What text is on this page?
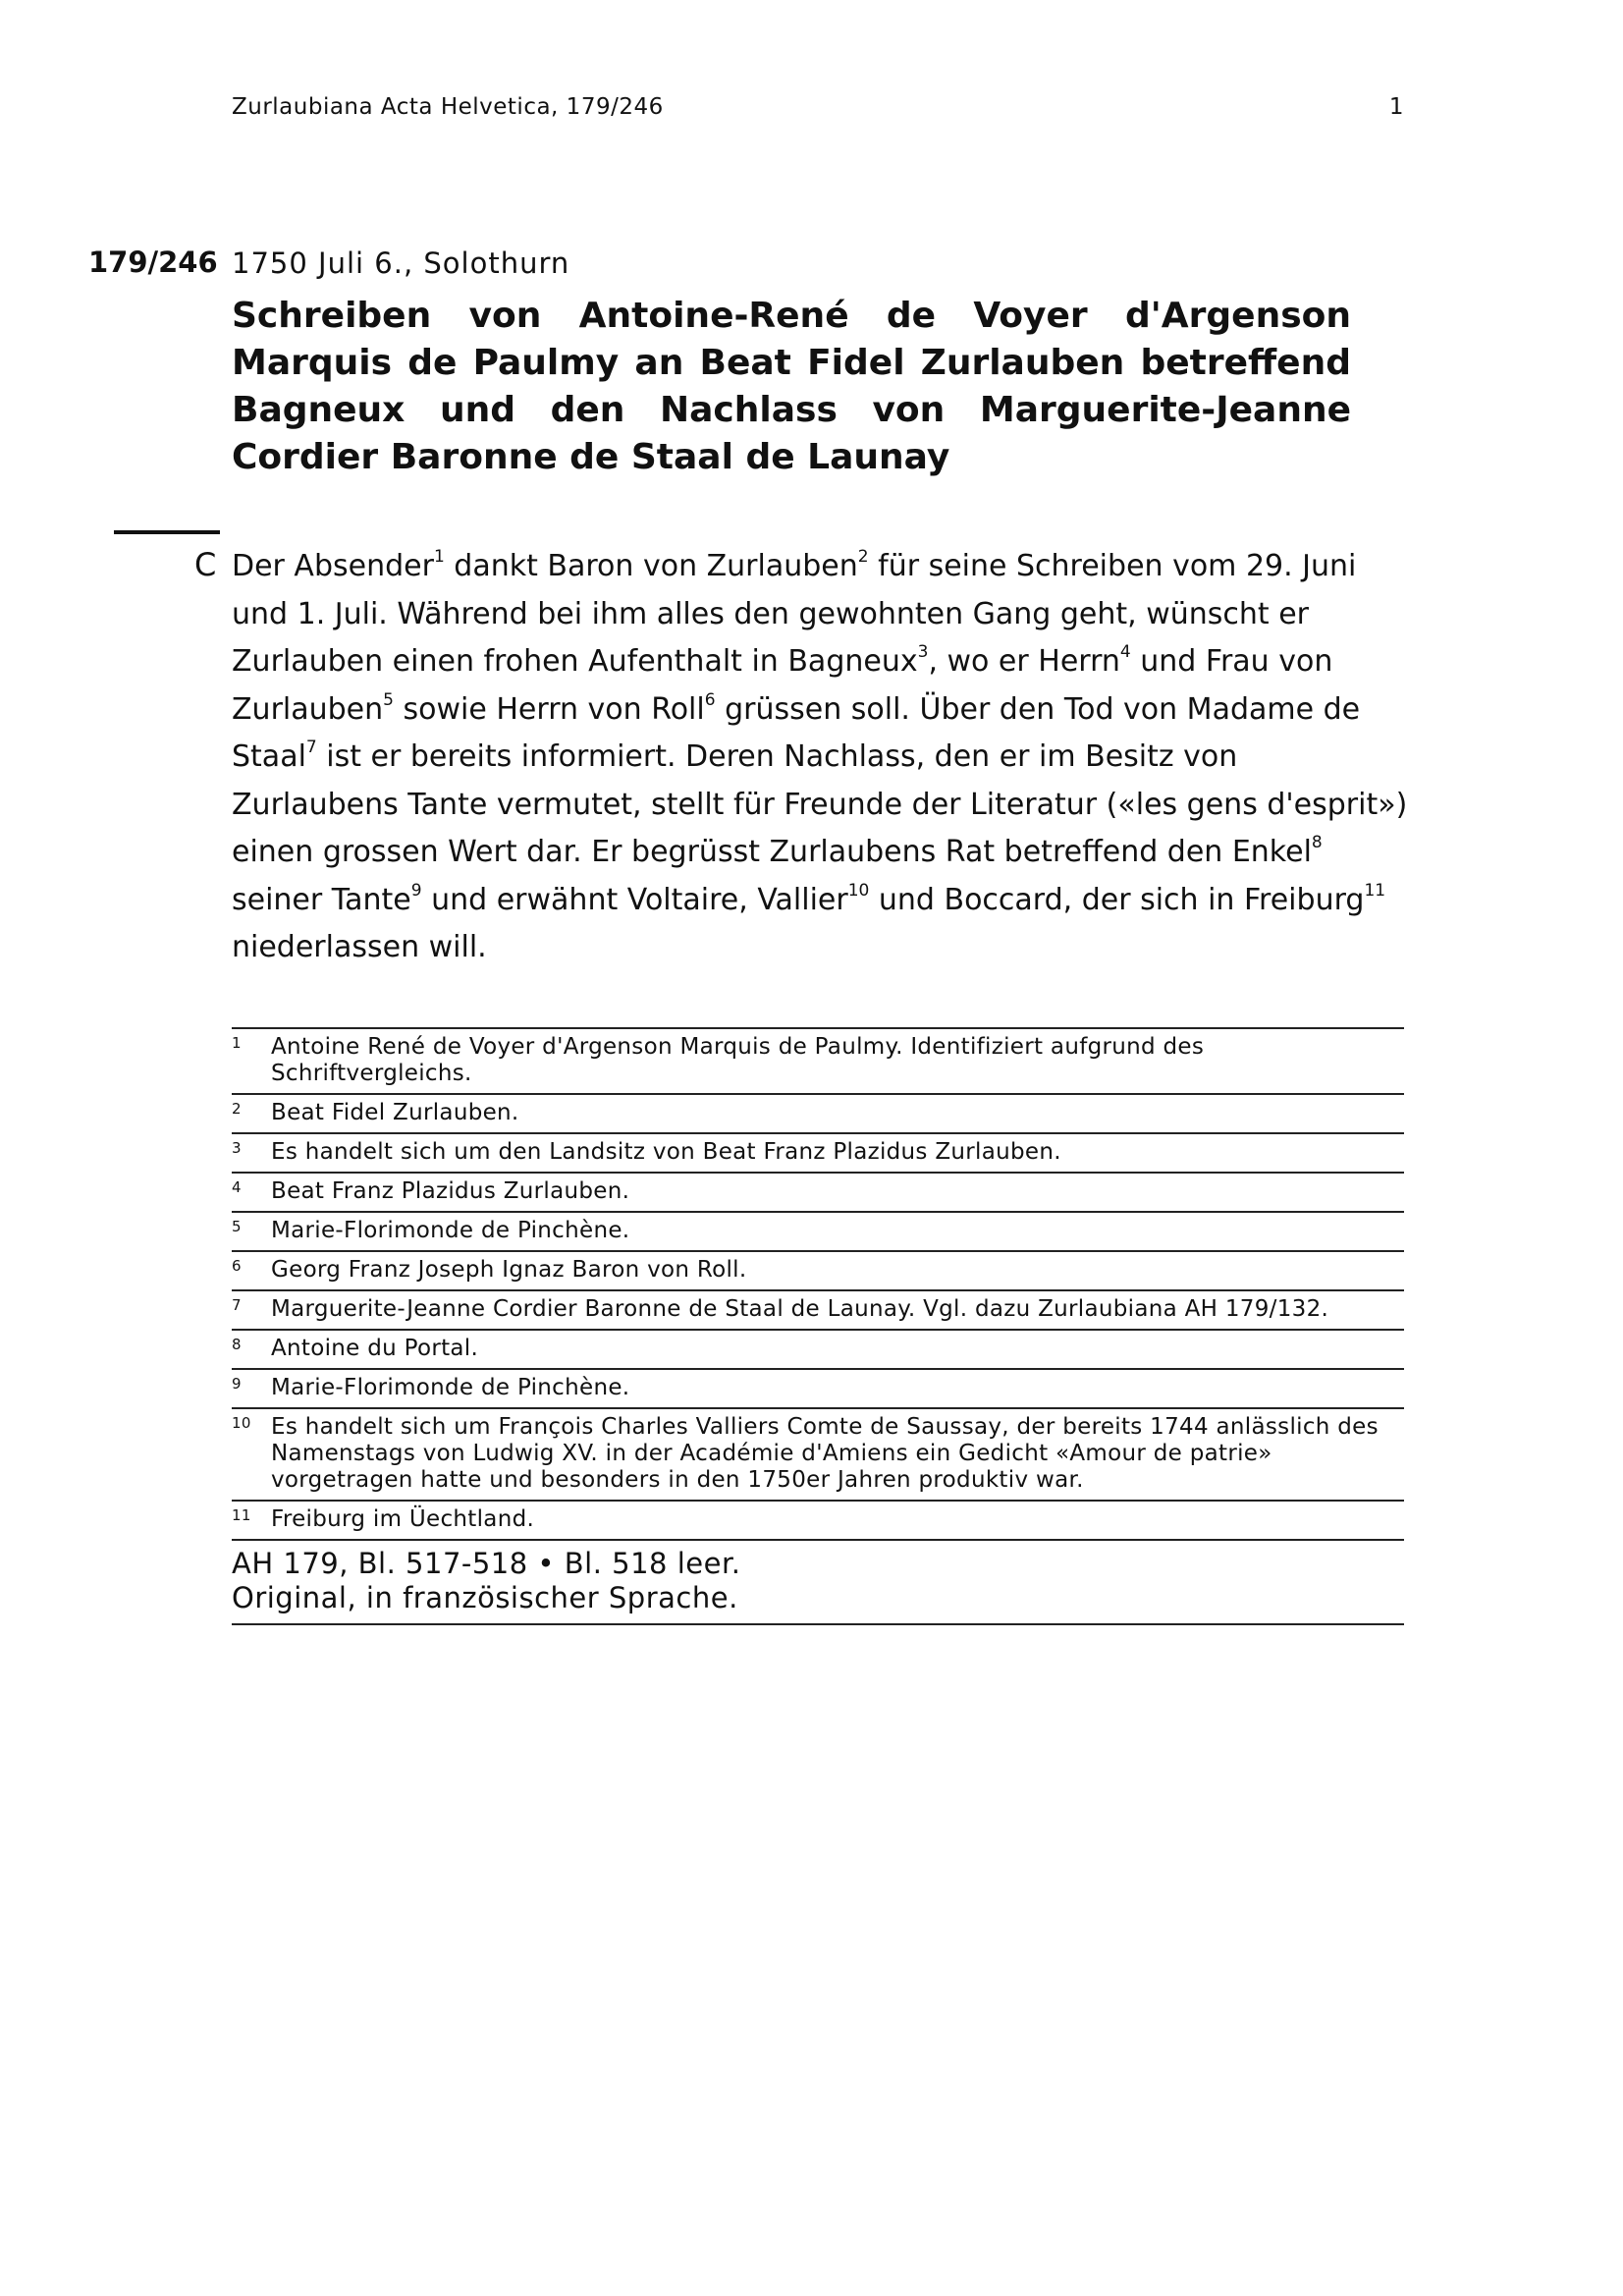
Zurlaubiana Acta Helvetica, 179/246	1
179/246 1750 Juli 6., Solothurn
Schreiben von Antoine-René de Voyer d'Argenson Marquis de Paulmy an Beat Fidel Zurlauben betreffend Bagneux und den Nachlass von Marguerite-Jeanne Cordier Baronne de Staal de Launay
C Der Absender$^1$ dankt Baron von Zurlauben$^2$ für seine Schreiben vom 29. Juni und 1. Juli. Während bei ihm alles den gewohnten Gang geht, wünscht er Zurlauben einen frohen Aufenthalt in Bagneux$^3$, wo er Herrn$^4$ und Frau von Zurlauben$^5$ sowie Herrn von Roll$^6$ grüssen soll. Über den Tod von Madame de Staal$^7$ ist er bereits informiert. Deren Nachlass, den er im Besitz von Zurlaubens Tante vermutet, stellt für Freunde der Literatur («les gens d'esprit») einen grossen Wert dar. Er begrüsst Zurlaubens Rat betreffend den Enkel$^8$ seiner Tante$^9$ und erwähnt Voltaire, Vallier$^{10}$ und Boccard, der sich in Freiburg$^{11}$ niederlassen will.
1	Antoine René de Voyer d'Argenson Marquis de Paulmy. Identifiziert aufgrund des Schriftvergleichs.
2	Beat Fidel Zurlauben.
3	Es handelt sich um den Landsitz von Beat Franz Plazidus Zurlauben.
4	Beat Franz Plazidus Zurlauben.
5	Marie-Florimonde de Pinchène.
6	Georg Franz Joseph Ignaz Baron von Roll.
7	Marguerite-Jeanne Cordier Baronne de Staal de Launay. Vgl. dazu Zurlaubiana AH 179/132.
8	Antoine du Portal.
9	Marie-Florimonde de Pinchène.
10 Es handelt sich um François Charles Valliers Comte de Saussay, der bereits 1744 anlässlich des Namenstags von Ludwig XV. in der Académie d'Amiens ein Gedicht «Amour de patrie» vorgetragen hatte und besonders in den 1750er Jahren produktiv war.
11 Freiburg im Üechtland.
AH 179, Bl. 517-518 • Bl. 518 leer.
Original, in französischer Sprache.
